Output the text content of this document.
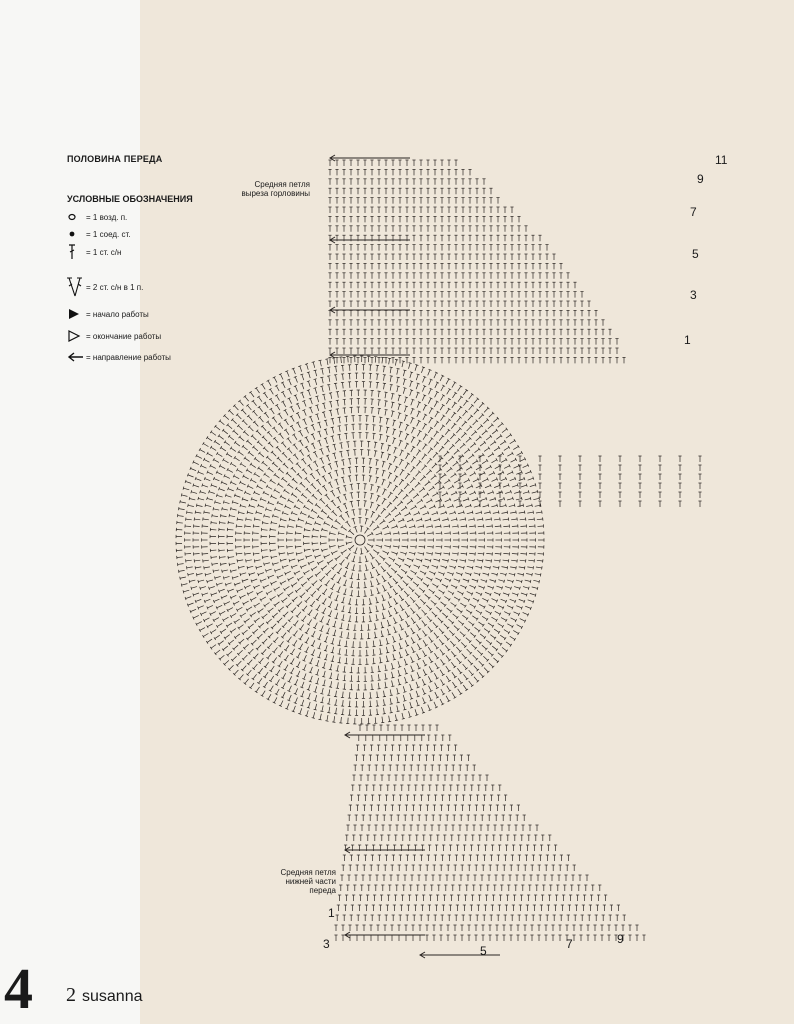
ПОЛОВИНА ПЕРЕДА
УСЛОВНЫЕ ОБОЗНАЧЕНИЯ
= 1 возд. п.
= 1 соед. ст.
= 1 ст. с/н
= 2 ст. с/н в 1 п.
= начало работы
= окончание работы
= направление работы
Средняя петля выреза горловины
Средняя петля нижней части переда
11
9
7
5
3
1
1
3	5	7	9
4 2 susanna
